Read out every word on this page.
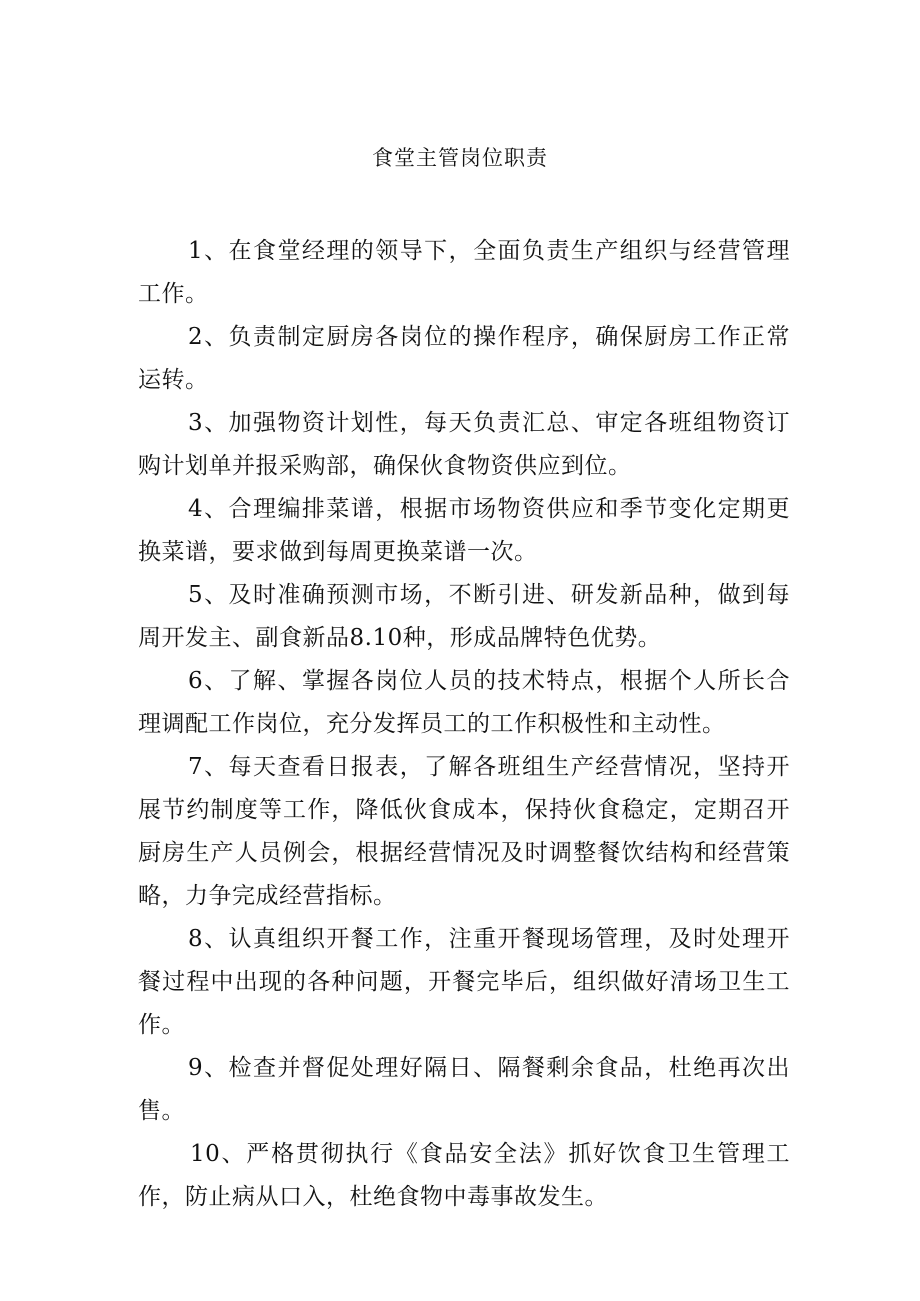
食堂主管岗位职责

1、在食堂经理的领导下，全面负责生产组织与经营管理工作。

2、负责制定厨房各岗位的操作程序，确保厨房工作正常运转。

3、加强物资计划性，每天负责汇总、审定各班组物资订购计划单并报采购部，确保伙食物资供应到位。

4、合理编排菜谱，根据市场物资供应和季节变化定期更换菜谱，要求做到每周更换菜谱一次。

5、及时准确预测市场，不断引进、研发新品种，做到每周开发主、副食新品8.10种，形成品牌特色优势。

6、了解、掌握各岗位人员的技术特点，根据个人所长合理调配工作岗位，充分发挥员工的工作积极性和主动性。

7、每天查看日报表，了解各班组生产经营情况，坚持开展节约制度等工作，降低伙食成本，保持伙食稳定，定期召开厨房生产人员例会，根据经营情况及时调整餐饮结构和经营策略，力争完成经营指标。

8、认真组织开餐工作，注重开餐现场管理，及时处理开餐过程中出现的各种问题，开餐完毕后，组织做好清场卫生工作。

9、检查并督促处理好隔日、隔餐剩余食品，杜绝再次出售。

10、严格贯彻执行《食品安全法》抓好饮食卫生管理工作，防止病从口入，杜绝食物中毒事故发生。
